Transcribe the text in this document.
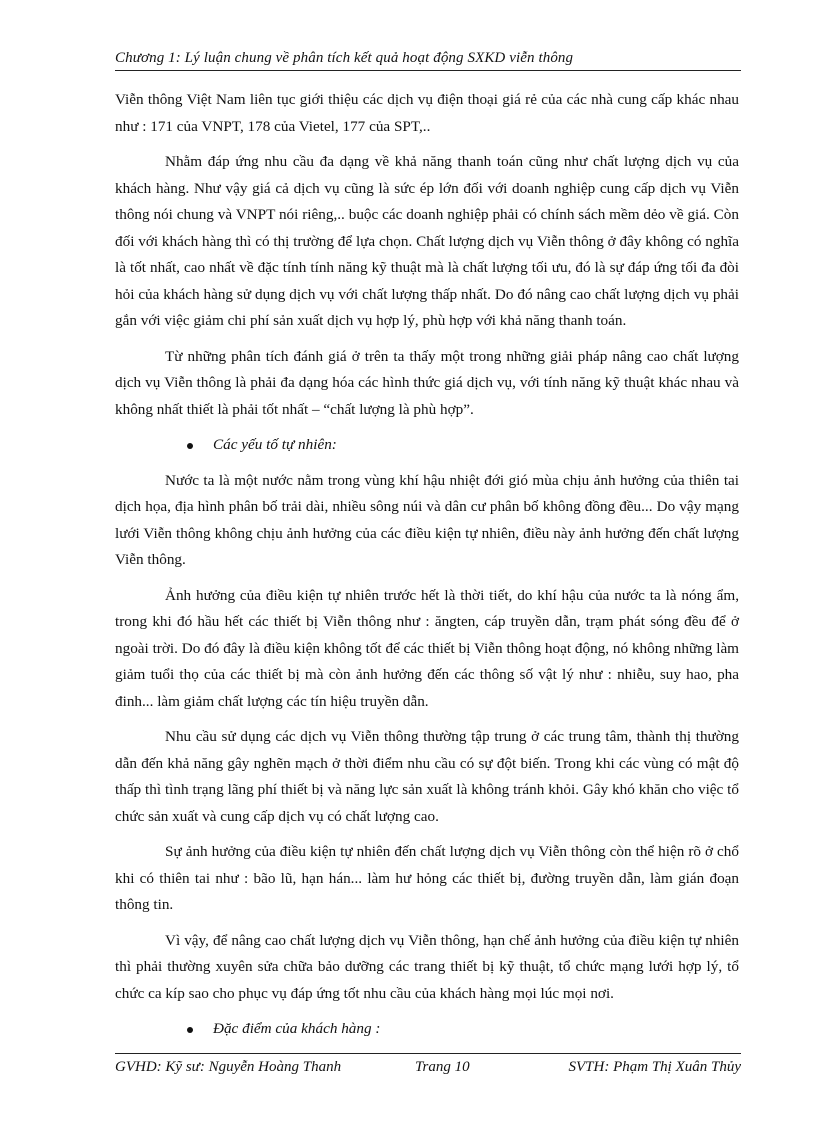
Chương 1: Lý luận chung về phân tích kết quả hoạt động SXKD viễn thông

Viễn thông Việt Nam liên tục giới thiệu các dịch vụ điện thoại giá rẻ của các nhà cung cấp khác nhau như : 171 của VNPT, 178 của Vietel, 177 của SPT,..

Nhằm đáp ứng nhu cầu đa dạng về khả năng thanh toán cũng như chất lượng dịch vụ của khách hàng. Như vậy giá cả dịch vụ cũng là sức ép lớn đối với doanh nghiệp cung cấp dịch vụ Viễn thông nói chung và VNPT nói riêng,.. buộc các doanh nghiệp phải có chính sách mềm dẻo về giá. Còn đối với khách hàng thì có thị trường để lựa chọn. Chất lượng dịch vụ Viễn thông ở đây không có nghĩa là tốt nhất, cao nhất về đặc tính tính năng kỹ thuật mà là chất lượng tối ưu, đó là sự đáp ứng tối đa đòi hỏi của khách hàng sử dụng dịch vụ với chất lượng thấp nhất. Do đó nâng cao chất lượng dịch vụ phải gắn với việc giảm chi phí sản xuất dịch vụ hợp lý, phù hợp với khả năng thanh toán.

Từ những phân tích đánh giá ở trên ta thấy một trong những giải pháp nâng cao chất lượng dịch vụ Viễn thông là phải đa dạng hóa các hình thức giá dịch vụ, với tính năng kỹ thuật khác nhau và không nhất thiết là phải tốt nhất – “chất lượng là phù hợp”.

Các yếu tố tự nhiên:

Nước ta là một nước nằm trong vùng khí hậu nhiệt đới gió mùa chịu ảnh hưởng của thiên tai dịch họa, địa hình phân bố trải dài, nhiều sông núi và dân cư phân bố không đồng đều... Do vậy mạng lưới Viễn thông không chịu ảnh hưởng của các điều kiện tự nhiên, điều này ảnh hưởng đến chất lượng Viễn thông.

Ảnh hưởng của điều kiện tự nhiên trước hết là thời tiết, do khí hậu của nước ta là nóng ẩm, trong khi đó hầu hết các thiết bị Viễn thông như : ăngten, cáp truyền dẫn, trạm phát sóng đều để ở ngoài trời. Do đó đây là điều kiện không tốt để các thiết bị Viễn thông hoạt động, nó không những làm giảm tuổi thọ của các thiết bị mà còn ảnh hưởng đến các thông số vật lý như : nhiễu, suy hao, pha đinh... làm giảm chất lượng các tín hiệu truyền dẫn.

Nhu cầu sử dụng các dịch vụ Viễn thông thường tập trung ở các trung tâm, thành thị thường dẫn đến khả năng gây nghẽn mạch ở thời điểm nhu cầu có sự đột biến. Trong khi các vùng có mật độ thấp thì tình trạng lãng phí thiết bị và năng lực sản xuất là không tránh khỏi. Gây khó khăn cho việc tổ chức sản xuất và cung cấp dịch vụ có chất lượng cao.

Sự ảnh hưởng của điều kiện tự nhiên đến chất lượng dịch vụ Viễn thông còn thể hiện rõ ở chổ khi có thiên tai như : bão lũ, hạn hán... làm hư hỏng các thiết bị, đường truyền dẫn, làm gián đoạn thông tin.

Vì vậy, để nâng cao chất lượng dịch vụ Viễn thông, hạn chế ảnh hưởng của điều kiện tự nhiên thì phải thường xuyên sửa chữa bảo dưỡng các trang thiết bị kỹ thuật, tổ chức mạng lưới hợp lý, tổ chức ca kíp sao cho phục vụ đáp ứng tốt nhu cầu của khách hàng mọi lúc mọi nơi.

Đặc điểm của khách hàng :
GVHD: Kỹ sư: Nguyễn Hoàng Thanh	Trang 10	SVTH: Phạm Thị Xuân Thủy
